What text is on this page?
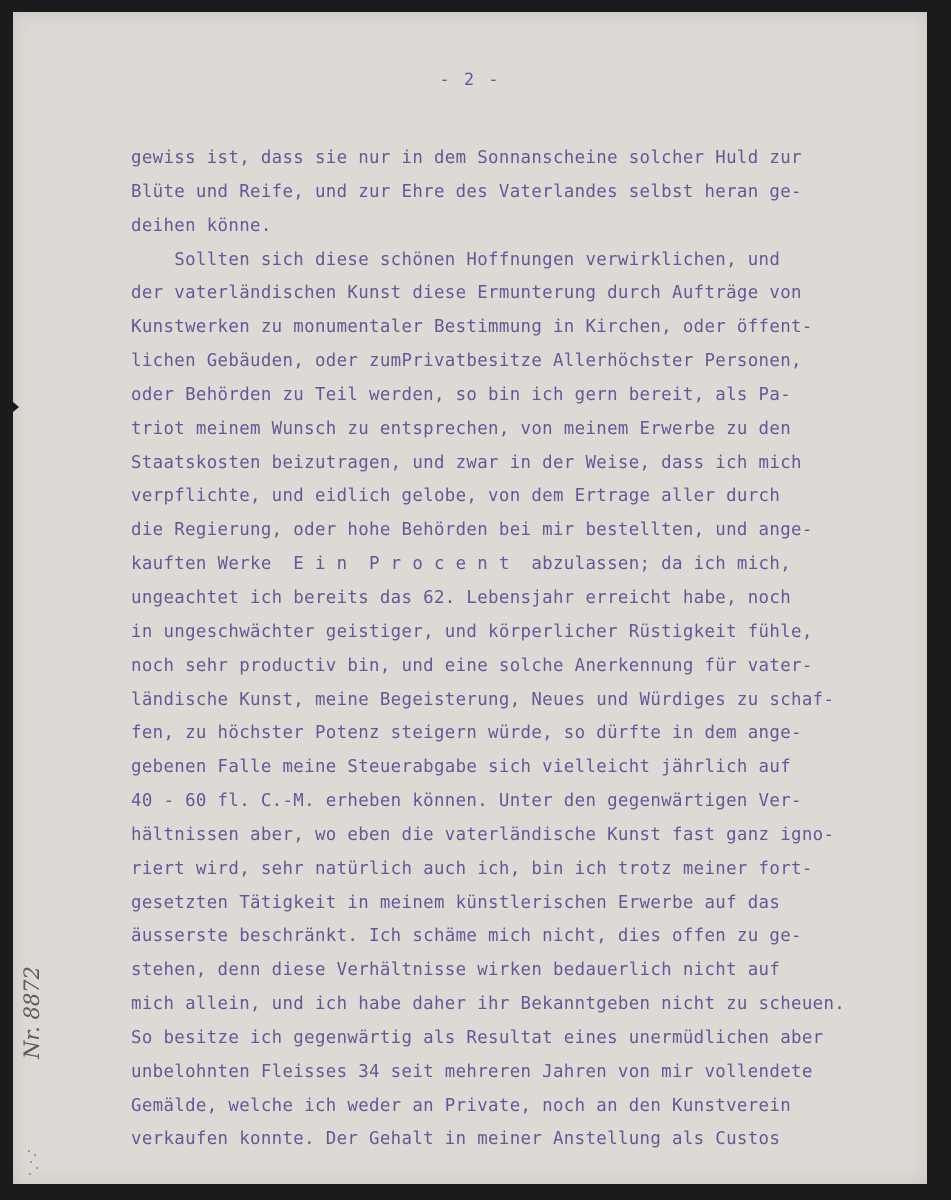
- 2 -
gewiss ist, dass sie nur in dem Sonnanscheine solcher Huld zur
Blüte und Reife, und zur Ehre des Vaterlandes selbst heran ge-
deihen könne.
Sollten sich diese schönen Hoffnungen verwirklichen, und
der vaterländischen Kunst diese Ermunterung durch Aufträge von
Kunstwerken zu monumentaler Bestimmung in Kirchen, oder öffent-
lichen Gebäuden, oder zumPrivatbesitze Allerhöchster Personen,
oder Behörden zu Teil werden, so bin ich gern bereit, als Pa-
triot meinem Wunsch zu entsprechen, von meinem Erwerbe zu den
Staatskosten beizutragen, und zwar in der Weise, dass ich mich
verpflichte, und eidlich gelobe, von dem Ertrage aller durch
die Regierung, oder hohe Behörden bei mir bestellten, und ange-
kauften Werke  E i n  P r o c e n t  abzulassen; da ich mich,
ungeachtet ich bereits das 62. Lebensjahr erreicht habe, noch
in ungeschwächter geistiger, und körperlicher Rüstigkeit fühle,
noch sehr productiv bin, und eine solche Anerkennung für vater-
ländische Kunst, meine Begeisterung, Neues und Würdiges zu schaf-
fen, zu höchster Potenz steigern würde, so dürfte in dem ange-
gebenen Falle meine Steuerabgabe sich vielleicht jährlich auf
40 - 60 fl. C.-M. erheben können. Unter den gegenwärtigen Ver-
hältnissen aber, wo eben die vaterländische Kunst fast ganz igno-
riert wird, sehr natürlich auch ich, bin ich trotz meiner fort-
gesetzten Tätigkeit in meinem künstlerischen Erwerbe auf das
äusserste beschränkt. Ich schäme mich nicht, dies offen zu ge-
stehen, denn diese Verhältnisse wirken bedauerlich nicht auf
mich allein, und ich habe daher ihr Bekanntgeben nicht zu scheuen.
So besitze ich gegenwärtig als Resultat eines unermüdlichen aber
unbelohnten Fleisses 34 seit mehreren Jahren von mir vollendete
Gemälde, welche ich weder an Private, noch an den Kunstverein
verkaufen konnte. Der Gehalt in meiner Anstellung als Custos
Nr. 8872
